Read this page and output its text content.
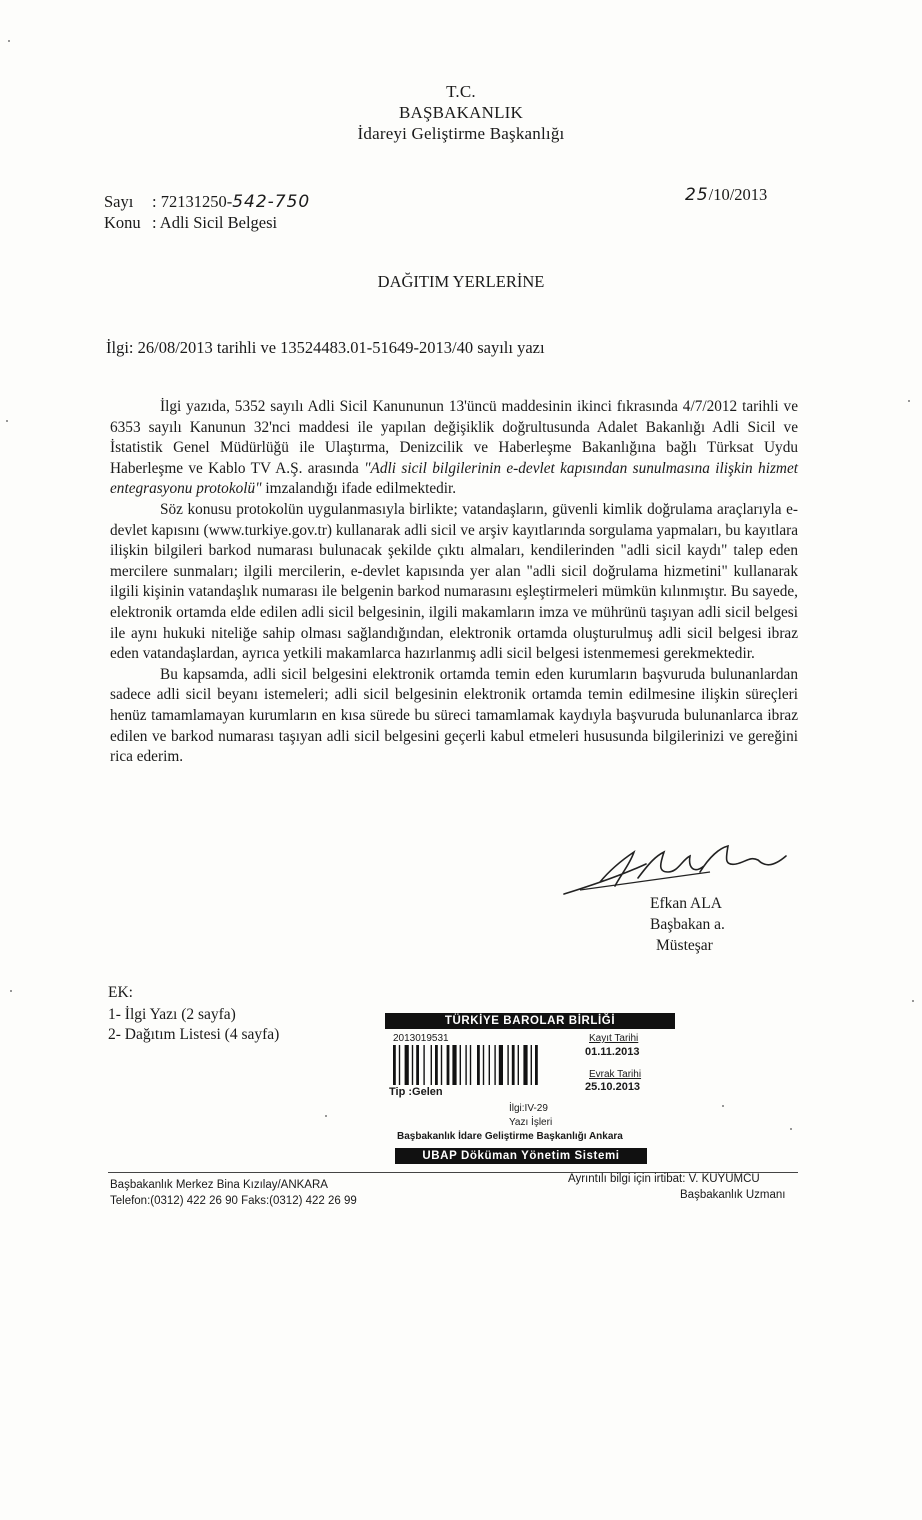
T.C.
BAŞBAKANLIK
İdareyi Geliştirme Başkanlığı
Sayı : 72131250-542-750
Konu : Adli Sicil Belgesi
25/10/2013
DAĞITIM YERLERİNE
İlgi: 26/08/2013 tarihli ve 13524483.01-51649-2013/40 sayılı yazı

İlgi yazıda, 5352 sayılı Adli Sicil Kanununun 13'üncü maddesinin ikinci fıkrasında 4/7/2012 tarihli ve 6353 sayılı Kanunun 32'nci maddesi ile yapılan değişiklik doğrultusunda Adalet Bakanlığı Adli Sicil ve İstatistik Genel Müdürlüğü ile Ulaştırma, Denizcilik ve Haberleşme Bakanlığına bağlı Türksat Uydu Haberleşme ve Kablo TV A.Ş. arasında "Adli sicil bilgilerinin e-devlet kapısından sunulmasına ilişkin hizmet entegrasyonu protokolü" imzalandığı ifade edilmektedir.

Söz konusu protokolün uygulanmasıyla birlikte; vatandaşların, güvenli kimlik doğrulama araçlarıyla e-devlet kapısını (www.turkiye.gov.tr) kullanarak adli sicil ve arşiv kayıtlarında sorgulama yapmaları, bu kayıtlara ilişkin bilgileri barkod numarası bulunacak şekilde çıktı almaları, kendilerinden "adli sicil kaydı" talep eden mercilere sunmaları; ilgili mercilerin, e-devlet kapısında yer alan "adli sicil doğrulama hizmetini" kullanarak ilgili kişinin vatandaşlık numarası ile belgenin barkod numarasını eşleştirmeleri mümkün kılınmıştır. Bu sayede, elektronik ortamda elde edilen adli sicil belgesinin, ilgili makamların imza ve mührünü taşıyan adli sicil belgesi ile aynı hukuki niteliğe sahip olması sağlandığından, elektronik ortamda oluşturulmuş adli sicil belgesi ibraz eden vatandaşlardan, ayrıca yetkili makamlarca hazırlanmış adli sicil belgesi istenmemesi gerekmektedir.

Bu kapsamda, adli sicil belgesini elektronik ortamda temin eden kurumların başvuruda bulunanlardan sadece adli sicil beyanı istemeleri; adli sicil belgesinin elektronik ortamda temin edilmesine ilişkin süreçleri henüz tamamlamayan kurumların en kısa sürede bu süreci tamamlamak kaydıyla başvuruda bulunanlarca ibraz edilen ve barkod numarası taşıyan adli sicil belgesini geçerli kabul etmeleri hususunda bilgilerinizi ve gereğini rica ederim.

Efkan ALA
Başbakan a.
Müsteşar
EK:
1- İlgi Yazı (2 sayfa)
2- Dağıtım Listesi (4 sayfa)
TÜRKİYE BAROLAR BİRLİĞİ
2013019531	Kayıt Tarihi
01.11.2013
Evrak Tarihi
25.10.2013
Tip :Gelen
İlgi:IV-29
Yazı İşleri
Başbakanlık İdare Geliştirme Başkanlığı Ankara
UBAP Döküman Yönetim Sistemi
Başbakanlık Merkez Bina Kızılay/ANKARA
Telefon:(0312) 422 26 90 Faks:(0312) 422 26 99
Ayrıntılı bilgi için irtibat: V. KUYUMCU
Başbakanlık Uzmanı
